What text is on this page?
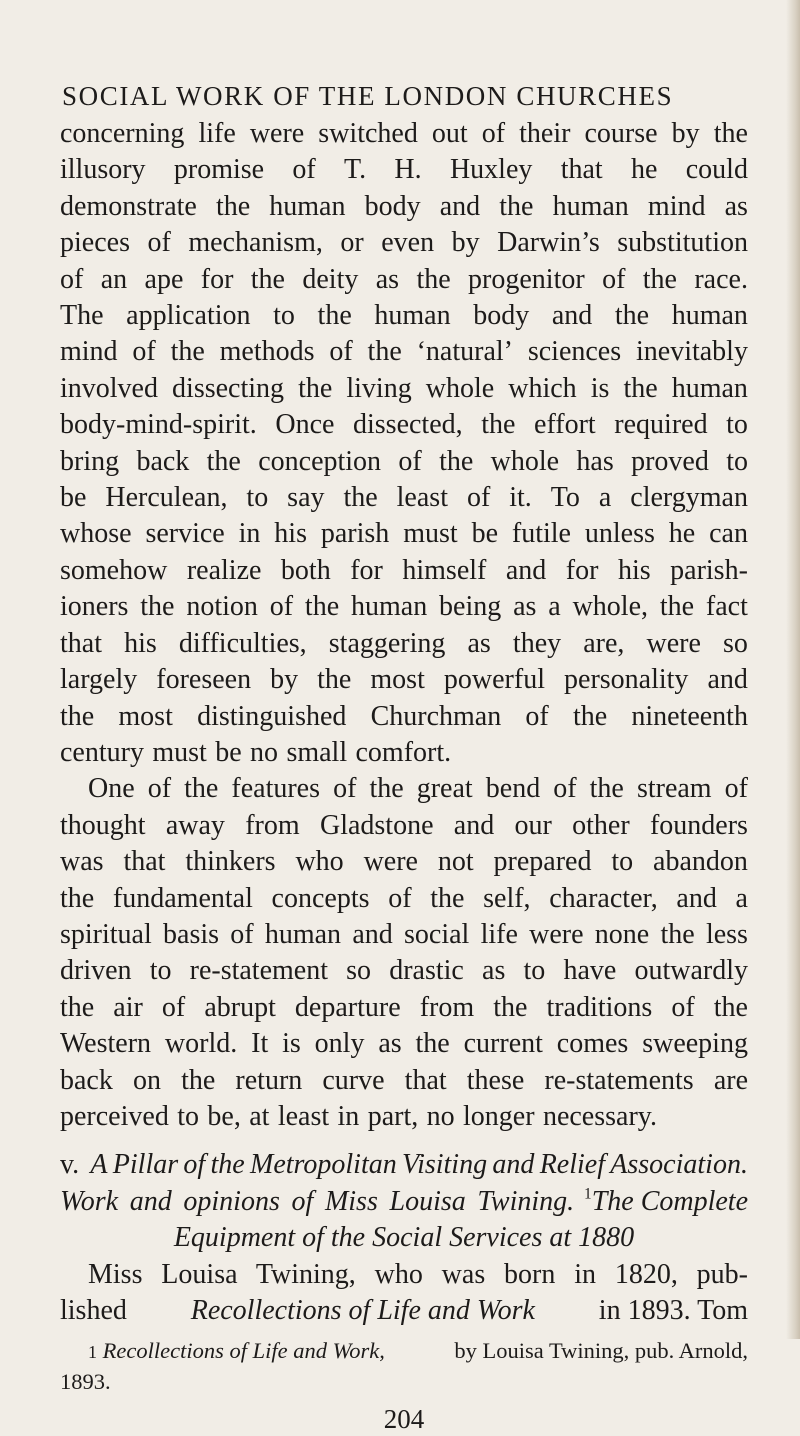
SOCIAL WORK OF THE LONDON CHURCHES
concerning life were switched out of their course by the
illusory promise of T. H. Huxley that he could
demonstrate the human body and the human mind as
pieces of mechanism, or even by Darwin’s substitution
of an ape for the deity as the progenitor of the race.
The application to the human body and the human
mind of the methods of the ‘natural’ sciences inevitably
involved dissecting the living whole which is the human
body-mind-spirit. Once dissected, the effort required to
bring back the conception of the whole has proved to
be Herculean, to say the least of it. To a clergyman
whose service in his parish must be futile unless he can
somehow realize both for himself and for his parish-
ioners the notion of the human being as a whole, the fact
that his difficulties, staggering as they are, were so
largely foreseen by the most powerful personality and
the most distinguished Churchman of the nineteenth
century must be no small comfort.
One of the features of the great bend of the stream of
thought away from Gladstone and our other founders
was that thinkers who were not prepared to abandon
the fundamental concepts of the self, character, and a
spiritual basis of human and social life were none the less
driven to re-statement so drastic as to have outwardly
the air of abrupt departure from the traditions of the
Western world. It is only as the current comes sweeping
back on the return curve that these re-statements are
perceived to be, at least in part, no longer necessary.
v. A Pillar of the Metropolitan Visiting and Relief Association.
Work and opinions of Miss Louisa Twining. $^1$The Complete
Equipment of the Social Services at 1880
Miss Louisa Twining, who was born in 1820, pub-
lished Recollections of Life and Work in 1893. Tom
1 Recollections of Life and Work,	by Louisa Twining, pub. Arnold,
1893.
204
